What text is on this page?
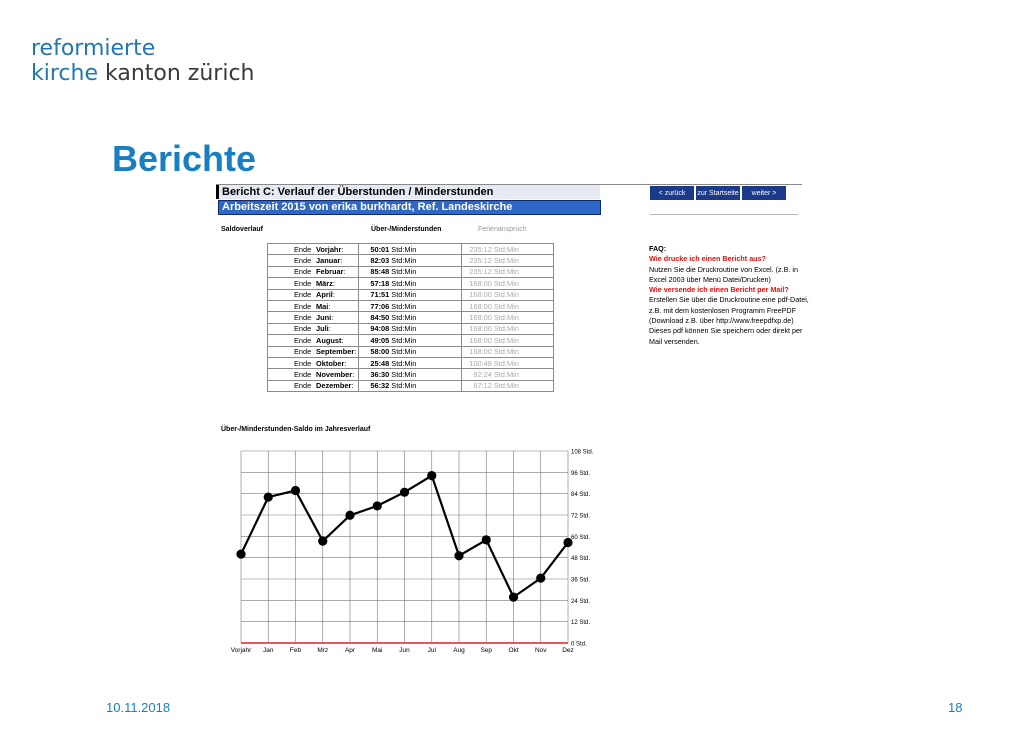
reformierte
kirche kanton zürich
Berichte
Bericht C: Verlauf der Überstunden / Minderstunden
Arbeitszeit 2015 von erika burkhardt, Ref. Landeskirche
< zurück	zur Startseite	weiter >
Saldoverlauf	Über-/Minderstunden	Ferienanspruch
Ende Vorjahr:	50:01 Std:Min	235:12 Std:Min
Ende Januar:	82:03 Std:Min	235:12 Std:Min
Ende Februar:	85:48 Std:Min	235:12 Std:Min
Ende März:	57:18 Std:Min	168:00 Std:Min
Ende April:	71:51 Std:Min	168:00 Std:Min
Ende Mai:	77:06 Std:Min	168:00 Std:Min
Ende Juni:	84:50 Std:Min	168:00 Std:Min
Ende Juli:	94:08 Std:Min	168:00 Std:Min
Ende August:	49:05 Std:Min	168:00 Std:Min
Ende September:	58:00 Std:Min	168:00 Std:Min
Ende Oktober:	25:48 Std:Min	100:48 Std:Min
Ende November:	36:30 Std:Min	92:24 Std:Min
Ende Dezember:	56:32 Std:Min	67:12 Std:Min
FAQ:
Wie drucke ich einen Bericht aus?
Nutzen Sie die Druckroutine von Excel. (z.B. in Excel 2003 über Menü Datei/Drucken)
Wie versende ich einen Bericht per Mail?
Erstellen Sie über die Druckroutine eine pdf-Datei, z.B. mit dem kostenlosen Programm FreePDF (Download z.B. über http://www.freepdfxp.de) Dieses pdf können Sie speichern oder direkt per Mail versenden.
Über-/Minderstunden-Saldo im Jahresverlauf
0 Std.
12 Std.
24 Std.
36 Std.
48 Std.
60 Std.
72 Std.
84 Std.
96 Std.
108 Std.
Vorjahr Jan	Feb Mrz	Apr	Mai	Jun	Jul	Aug Sep	Okt	Nov Dez
10.11.2018	18
